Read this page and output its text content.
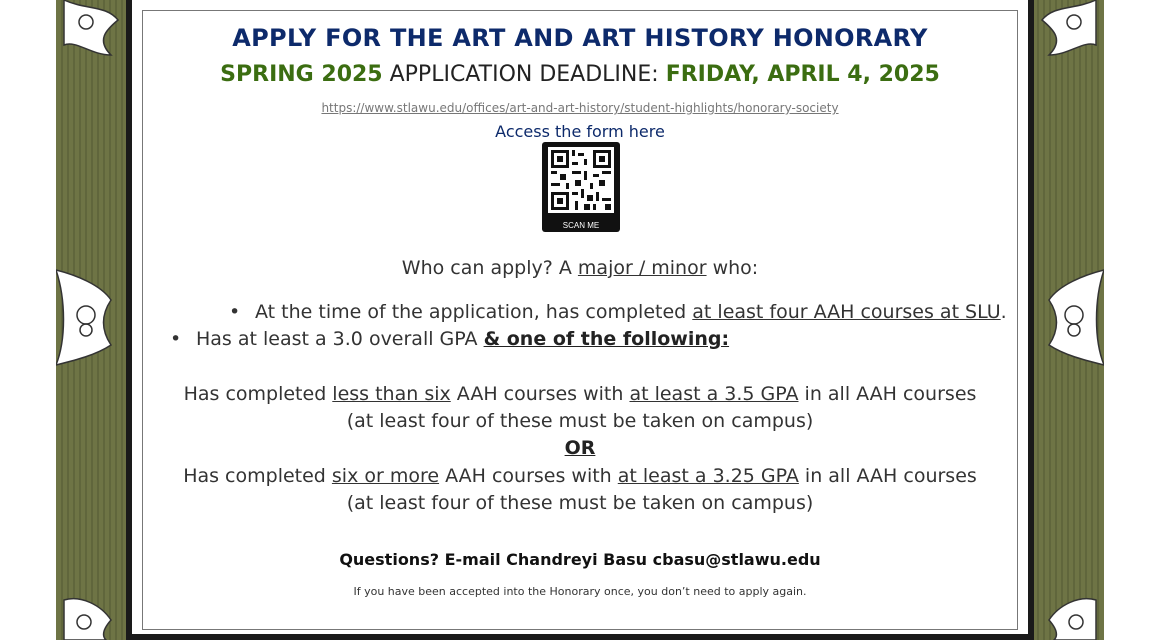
APPLY FOR THE ART AND ART HISTORY HONORARY
SPRING 2025 APPLICATION DEADLINE: FRIDAY, APRIL 4, 2025
https://www.stlawu.edu/offices/art-and-art-history/student-highlights/honorary-society
Access the form here
SCAN ME
Who can apply? A major / minor who:
• At the time of the application, has completed at least four AAH courses at SLU.
• Has at least a 3.0 overall GPA & one of the following:
Has completed less than six AAH courses with at least a 3.5 GPA in all AAH courses
(at least four of these must be taken on campus)
OR
Has completed six or more AAH courses with at least a 3.25 GPA in all AAH courses
(at least four of these must be taken on campus)
Questions? E-mail Chandreyi Basu cbasu@stlawu.edu
If you have been accepted into the Honorary once, you don’t need to apply again.
